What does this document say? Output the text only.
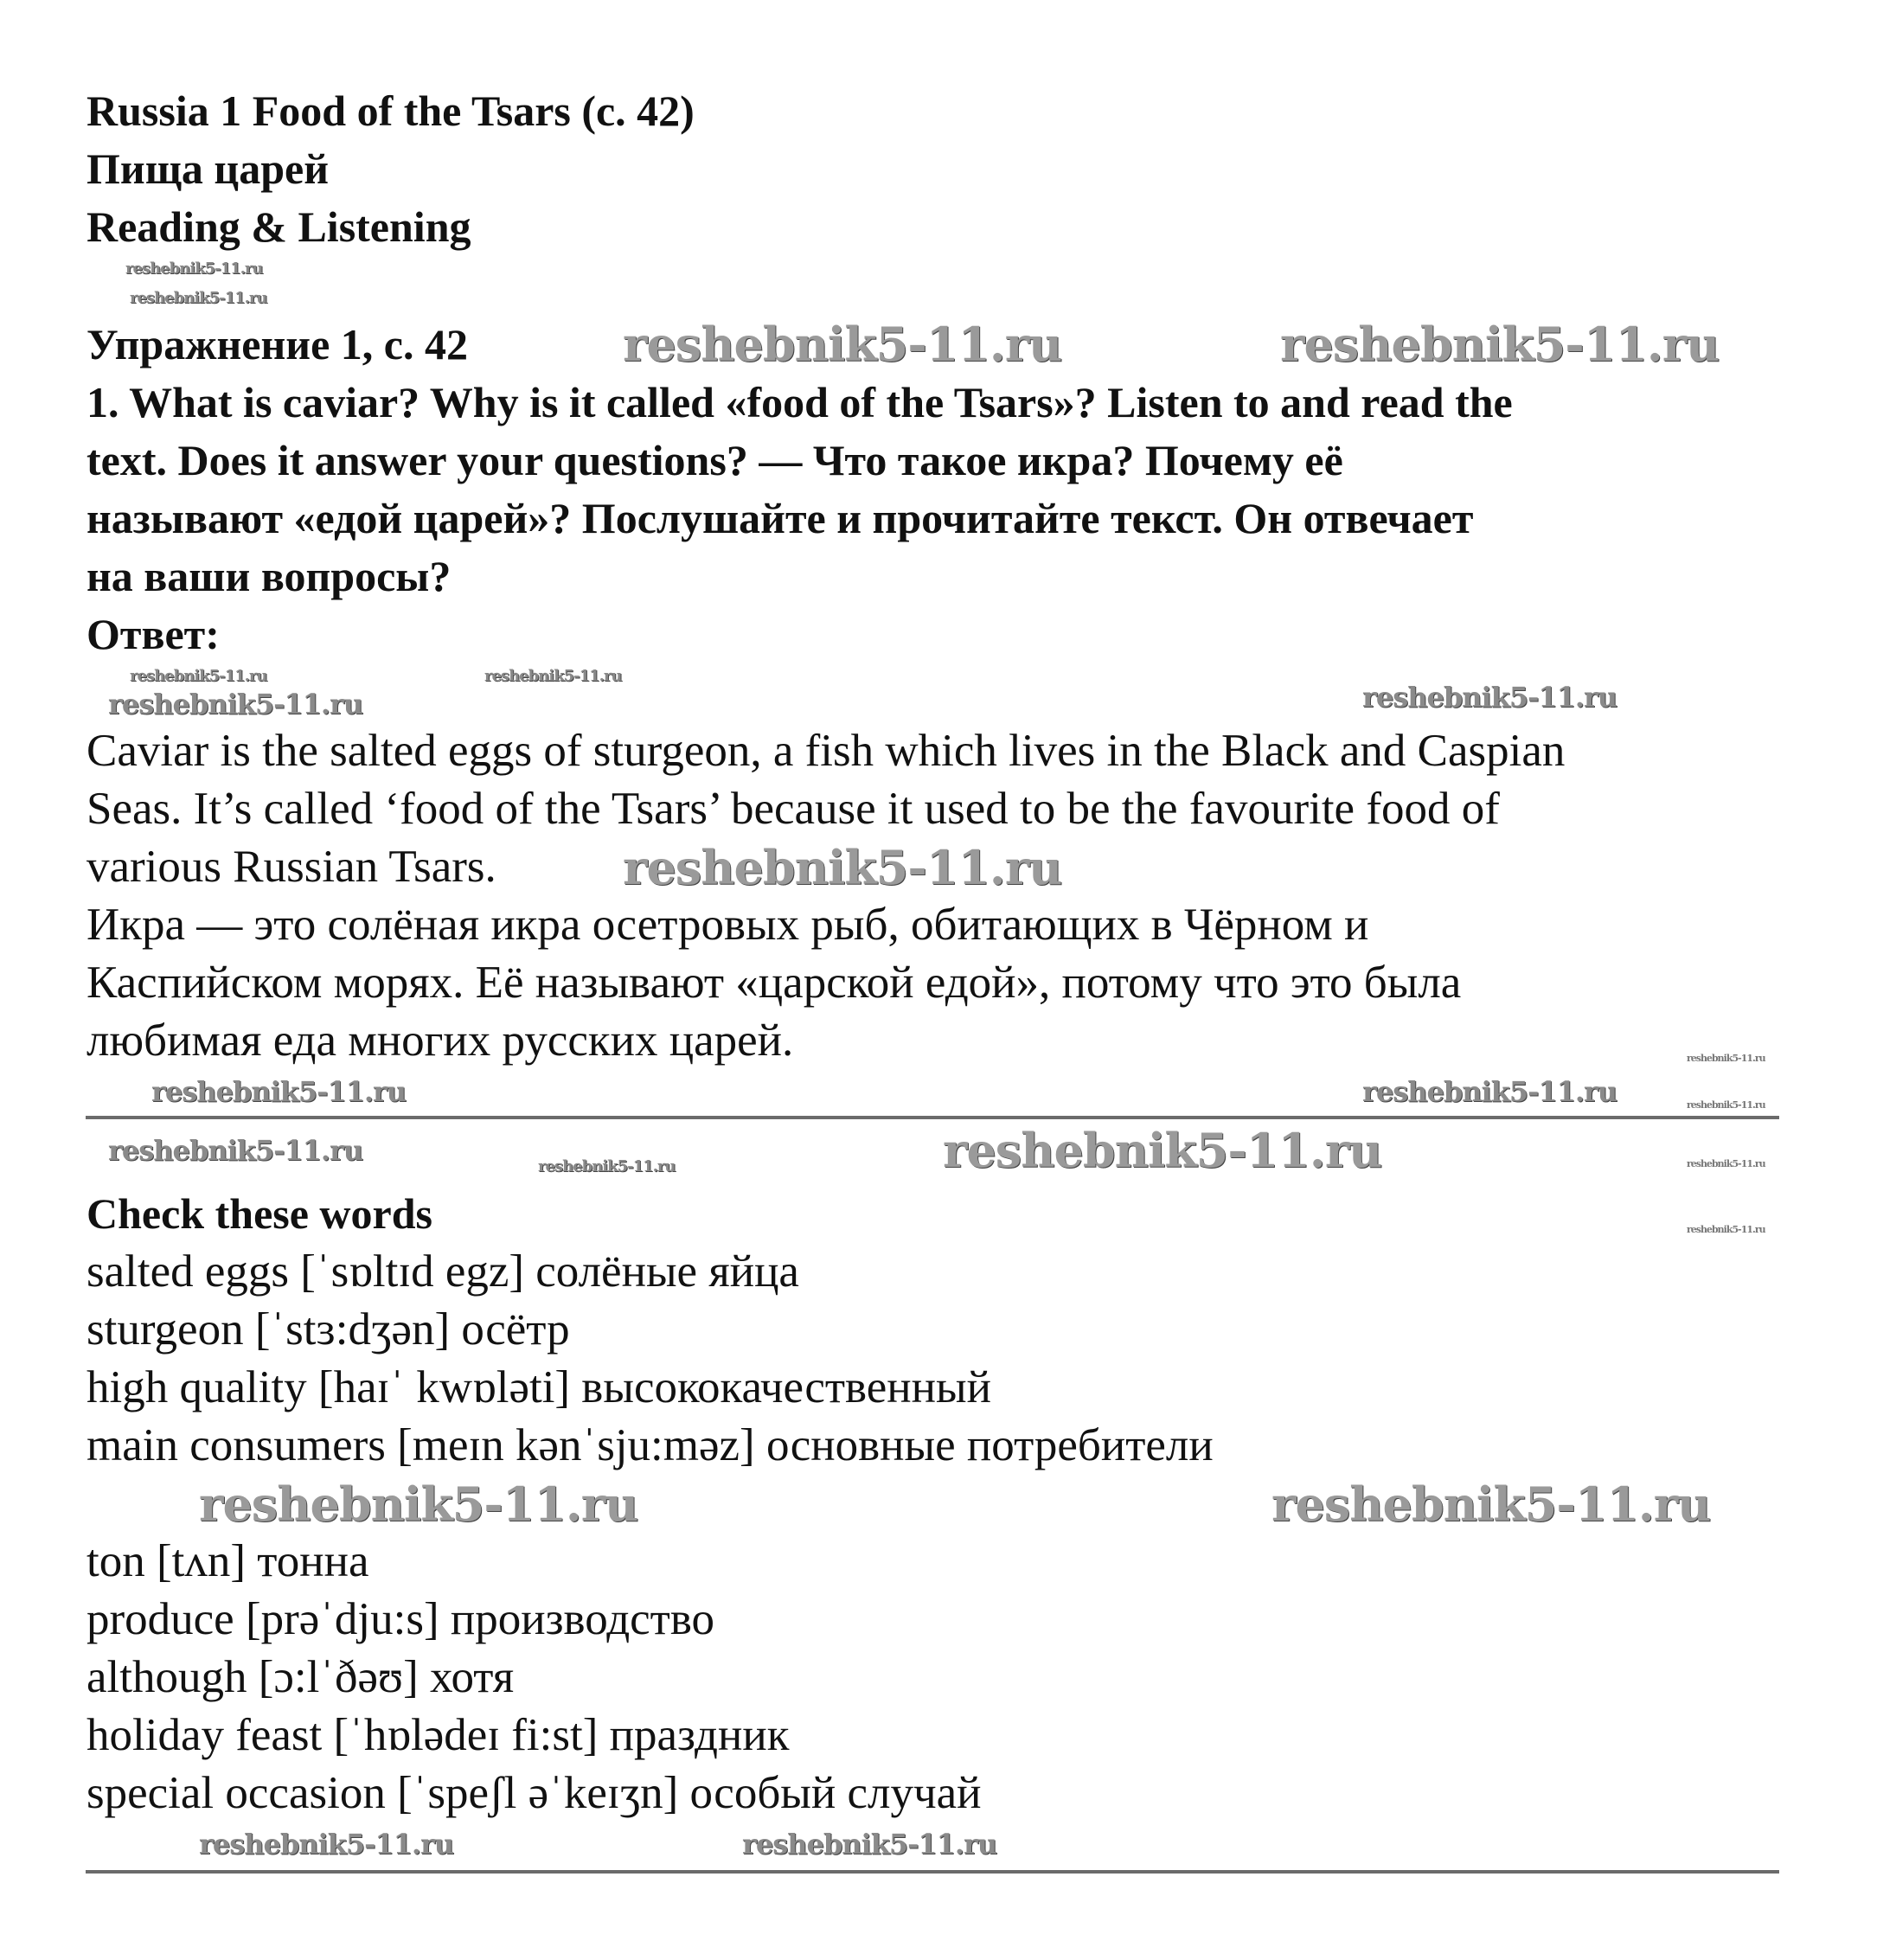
Russia 1 Food of the Tsars (с. 42)

Пища царей

Reading & Listening

Упражнение 1, с. 42

1. What is caviar? Why is it called «food of the Tsars»? Listen to and read the

text. Does it answer your questions? — Что такое икра? Почему её

называют «едой царей»? Послушайте и прочитайте текст. Он отвечает

на ваши вопросы?

Ответ:

Caviar is the salted eggs of sturgeon, a fish which lives in the Black and Caspian

Seas. It’s called ‘food of the Tsars’ because it used to be the favourite food of

various Russian Tsars.

Икра — это солёная икра осетровых рыб, обитающих в Чёрном и

Каспийском морях. Её называют «царской едой», потому что это была

любимая еда многих русских царей.

Check these words

salted eggs [ˈsɒltɪd egz] солёные яйца

sturgeon [ˈstɜ:dʒən] осётр

high quality [haɪˈ kwɒləti] высококачественный

main consumers [meɪn kənˈsju:məz] основные потребители

ton [tʌn] тонна

produce [prəˈdju:s] производство

although [ɔ:lˈðəʊ] хотя

holiday feast [ˈhɒlədeɪ fi:st] праздник

special occasion [ˈspeʃl əˈkeɪʒn] особый случай

reshebnik5-11.ru
reshebnik5-11.ru
reshebnik5-11.ru	reshebnik5-11.ru
reshebnik5-11.ru	reshebnik5-11.ru
reshebnik5-11.ru
reshebnik5-11.ru
reshebnik5-11.ru
reshebnik5-11.ru
reshebnik5-11.ru
reshebnik5-11.ru
reshebnik5-11.ru
reshebnik5-11.ru
reshebnik5-11.ru
reshebnik5-11.ru	reshebnik5-11.ru	reshebnik5-11.ru
reshebnik5-11.ru	reshebnik5-11.ru
reshebnik5-11.ru	reshebnik5-11.ru
